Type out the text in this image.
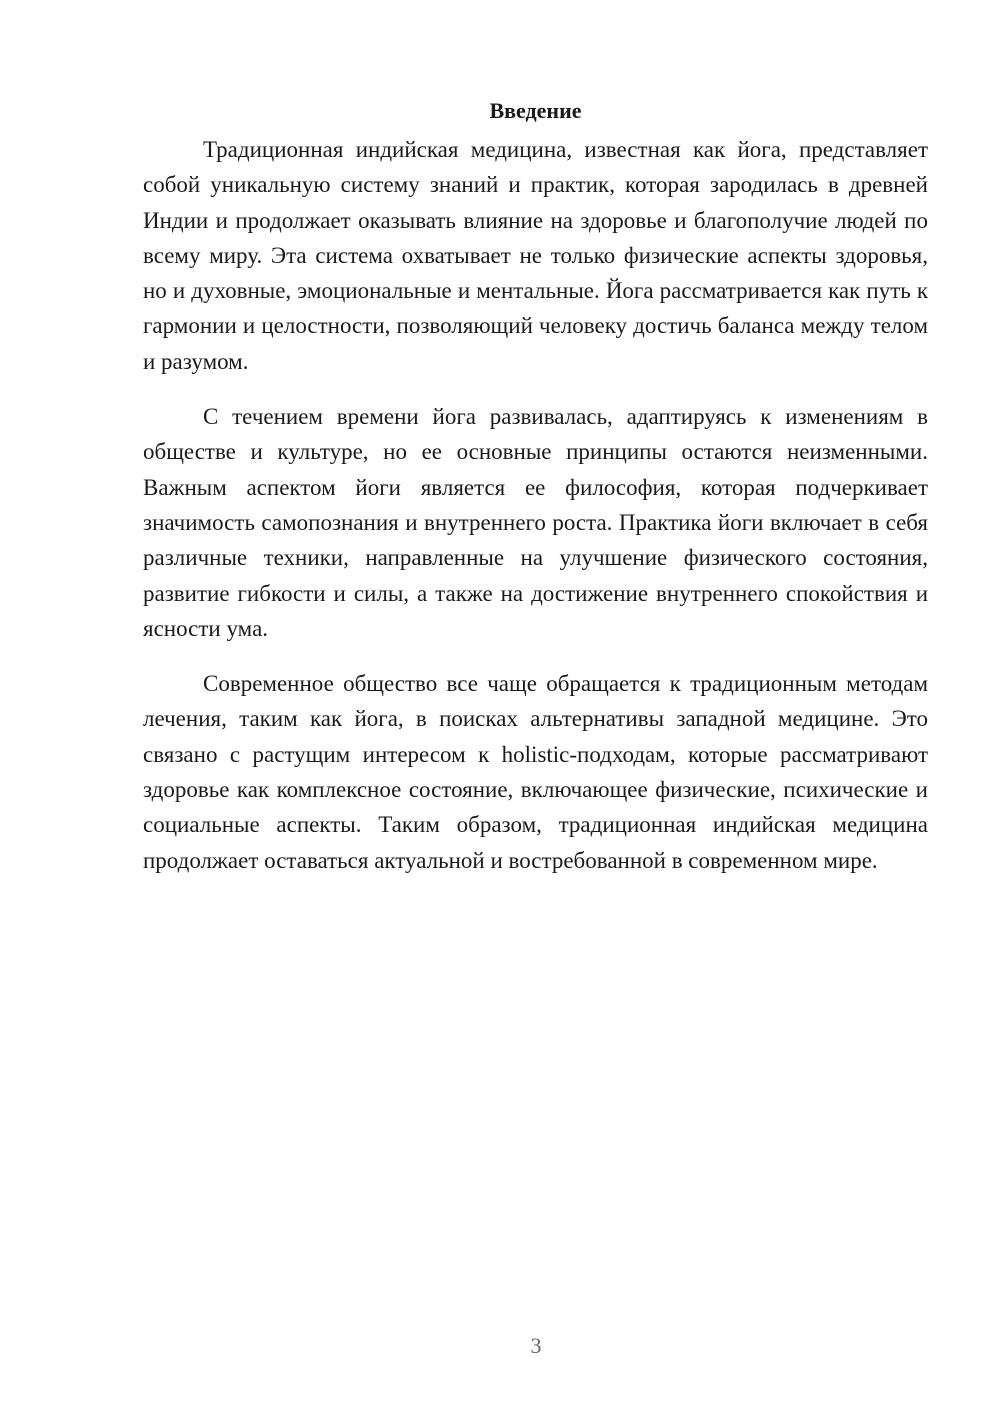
Введение

Традиционная индийская медицина, известная как йога, представляет собой уникальную систему знаний и практик, которая зародилась в древней Индии и продолжает оказывать влияние на здоровье и благополучие людей по всему миру. Эта система охватывает не только физические аспекты здоровья, но и духовные, эмоциональные и ментальные. Йога рассматривается как путь к гармонии и целостности, позволяющий человеку достичь баланса между телом и разумом.

С течением времени йога развивалась, адаптируясь к изменениям в обществе и культуре, но ее основные принципы остаются неизменными. Важным аспектом йоги является ее философия, которая подчеркивает значимость самопознания и внутреннего роста. Практика йоги включает в себя различные техники, направленные на улучшение физического состояния, развитие гибкости и силы, а также на достижение внутреннего спокойствия и ясности ума.

Современное общество все чаще обращается к традиционным методам лечения, таким как йога, в поисках альтернативы западной медицине. Это связано с растущим интересом к holistic-подходам, которые рассматривают здоровье как комплексное состояние, включающее физические, психические и социальные аспекты. Таким образом, традиционная индийская медицина продолжает оставаться актуальной и востребованной в современном мире.

3
